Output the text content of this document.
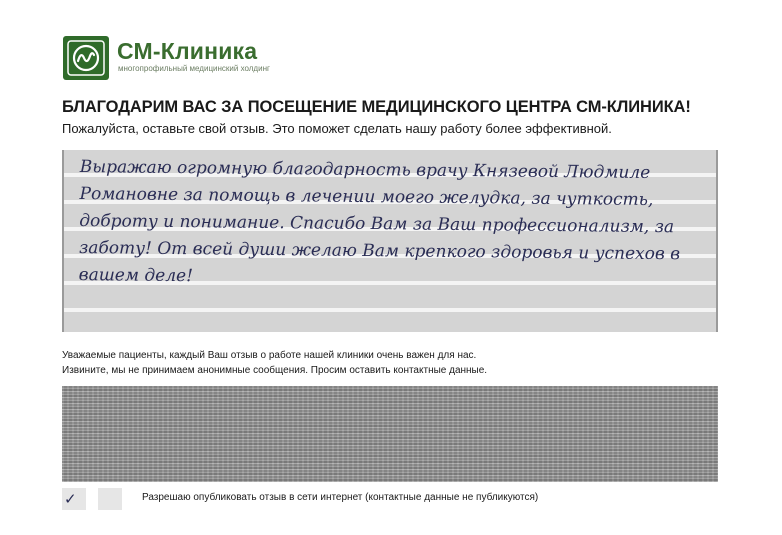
СМ-Клиника
многопрофильный медицинский холдинг
БЛАГОДАРИМ ВАС ЗА ПОСЕЩЕНИЕ МЕДИЦИНСКОГО ЦЕНТРА СМ-КЛИНИКА!
Пожалуйста, оставьте свой отзыв. Это поможет сделать нашу работу более эффективной.
Выражаю огромную благодарность врачу Князевой Людмиле Романовне за помощь в лечении моего желудка, за чуткость, доброту и понимание. Спасибо Вам за Ваш профессионализм, за заботу! От всей души желаю Вам крепкого здоровья и успехов в вашем деле!
Уважаемые пациенты, каждый Ваш отзыв о работе нашей клиники очень важен для нас.
Извините, мы не принимаем анонимные сообщения. Просим оставить контактные данные.
✓	Разрешаю опубликовать отзыв в сети интернет (контактные данные не публикуются)
